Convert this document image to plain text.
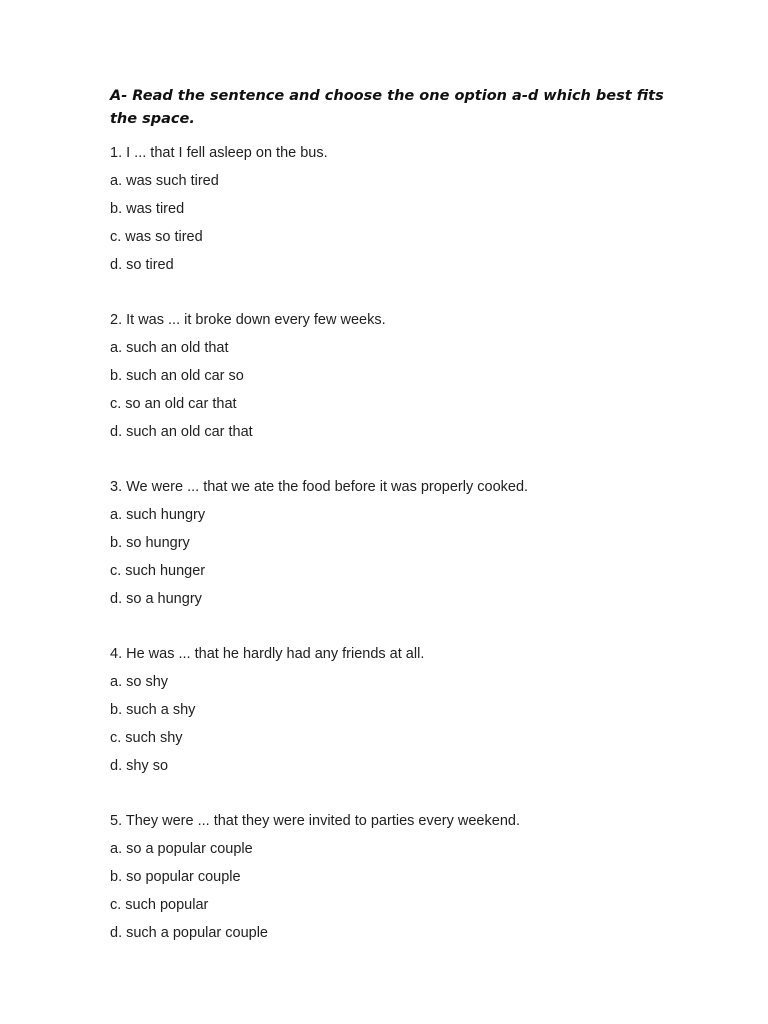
A- Read the sentence and choose the one option a-d which best fits the space.

1. I ... that I fell asleep on the bus.

a. was such tired

b. was tired

c. was so tired

d. so tired

2. It was ... it broke down every few weeks.

a. such an old that

b. such an old car so

c. so an old car that

d. such an old car that

3. We were ... that we ate the food before it was properly cooked.

a. such hungry

b. so hungry

c. such hunger

d. so a hungry

4. He was ... that he hardly had any friends at all.

a. so shy

b. such a shy

c. such shy

d. shy so

5. They were ... that they were invited to parties every weekend.

a. so a popular couple

b. so popular couple

c. such popular

d. such a popular couple
